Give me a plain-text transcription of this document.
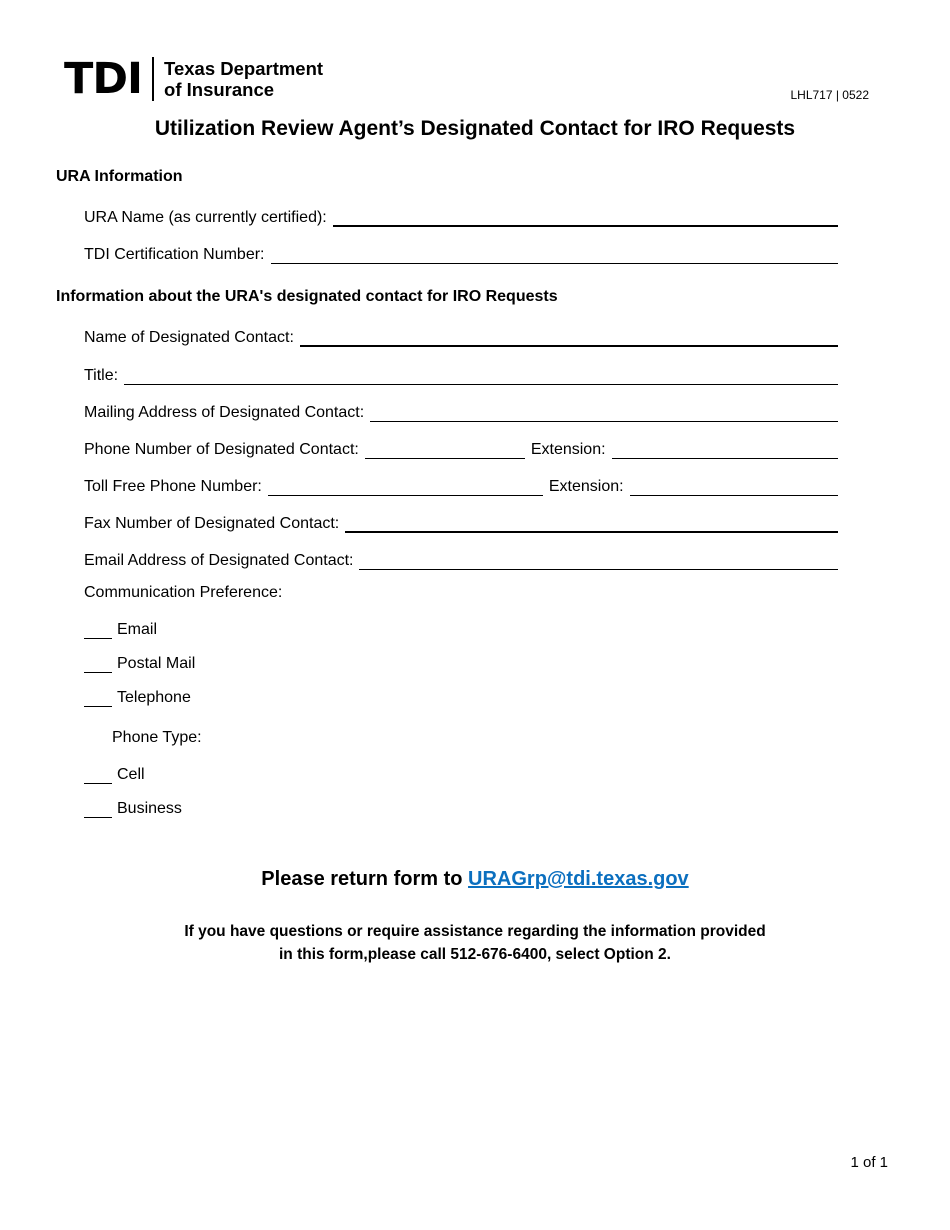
TDI Texas Department
of Insurance	LHL717 | 0522
Utilization Review Agent’s Designated Contact for IRO Requests
URA Information
URA Name (as currently certified):
TDI Certification Number:
Information about the URA's designated contact for IRO Requests
Name of Designated Contact:
Title:
Mailing Address of Designated Contact:
Phone Number of Designated Contact:	Extension:
Toll Free Phone Number:	Extension:
Fax Number of Designated Contact:
Email Address of Designated Contact:
Communication Preference:
Email
Postal Mail
Telephone
Phone Type:
Cell
Business
Please return form to URAGrp@tdi.texas.gov
If you have questions or require assistance regarding the information provided
in this form,please call 512-676-6400, select Option 2.
1 of 1
